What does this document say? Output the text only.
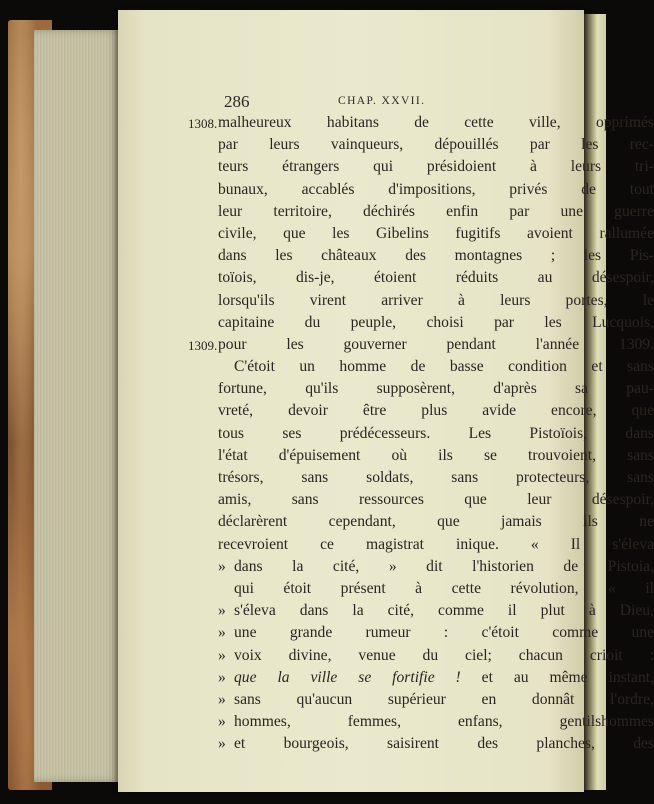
286	CHAP. XXVII.
1308.
1309.
malheureux habitans de cette ville, opprimés
par leurs vainqueurs, dépouillés par les rec-
teurs étrangers qui présidoient à leurs tri-
bunaux, accablés d'impositions, privés de tout
leur territoire, déchirés enfin par une guerre
civile, que les Gibelins fugitifs avoient rallumée
dans les châteaux des montagnes ; les Pis-
toïois, dis-je, étoient réduits au désespoir,
lorsqu'ils virent arriver à leurs portes, le
capitaine du peuple, choisi par les Lucquois,
pour les gouverner pendant l'année 1309.
C'étoit un homme de basse condition et sans
fortune, qu'ils supposèrent, d'après sa pau-
vreté, devoir être plus avide encore, que
tous ses prédécesseurs. Les Pistoïois, dans
l'état d'épuisement où ils se trouvoient, sans
trésors, sans soldats, sans protecteurs, sans
amis, sans ressources que leur désespoir,
déclarèrent cependant, que jamais ils ne
recevroient ce magistrat inique. « Il s'éleva
» dans la cité, » dit l'historien de Pistoia,
qui étoit présent à cette révolution, « il
» s'éleva dans la cité, comme il plut à Dieu,
» une grande rumeur : c'étoit comme une
» voix divine, venue du ciel; chacun crioit :
» que la ville se fortifie ! et au même instant,
» sans qu'aucun supérieur en donnât l'ordre,
» hommes, femmes, enfans, gentilshommes
» et bourgeois, saisirent des planches, des
